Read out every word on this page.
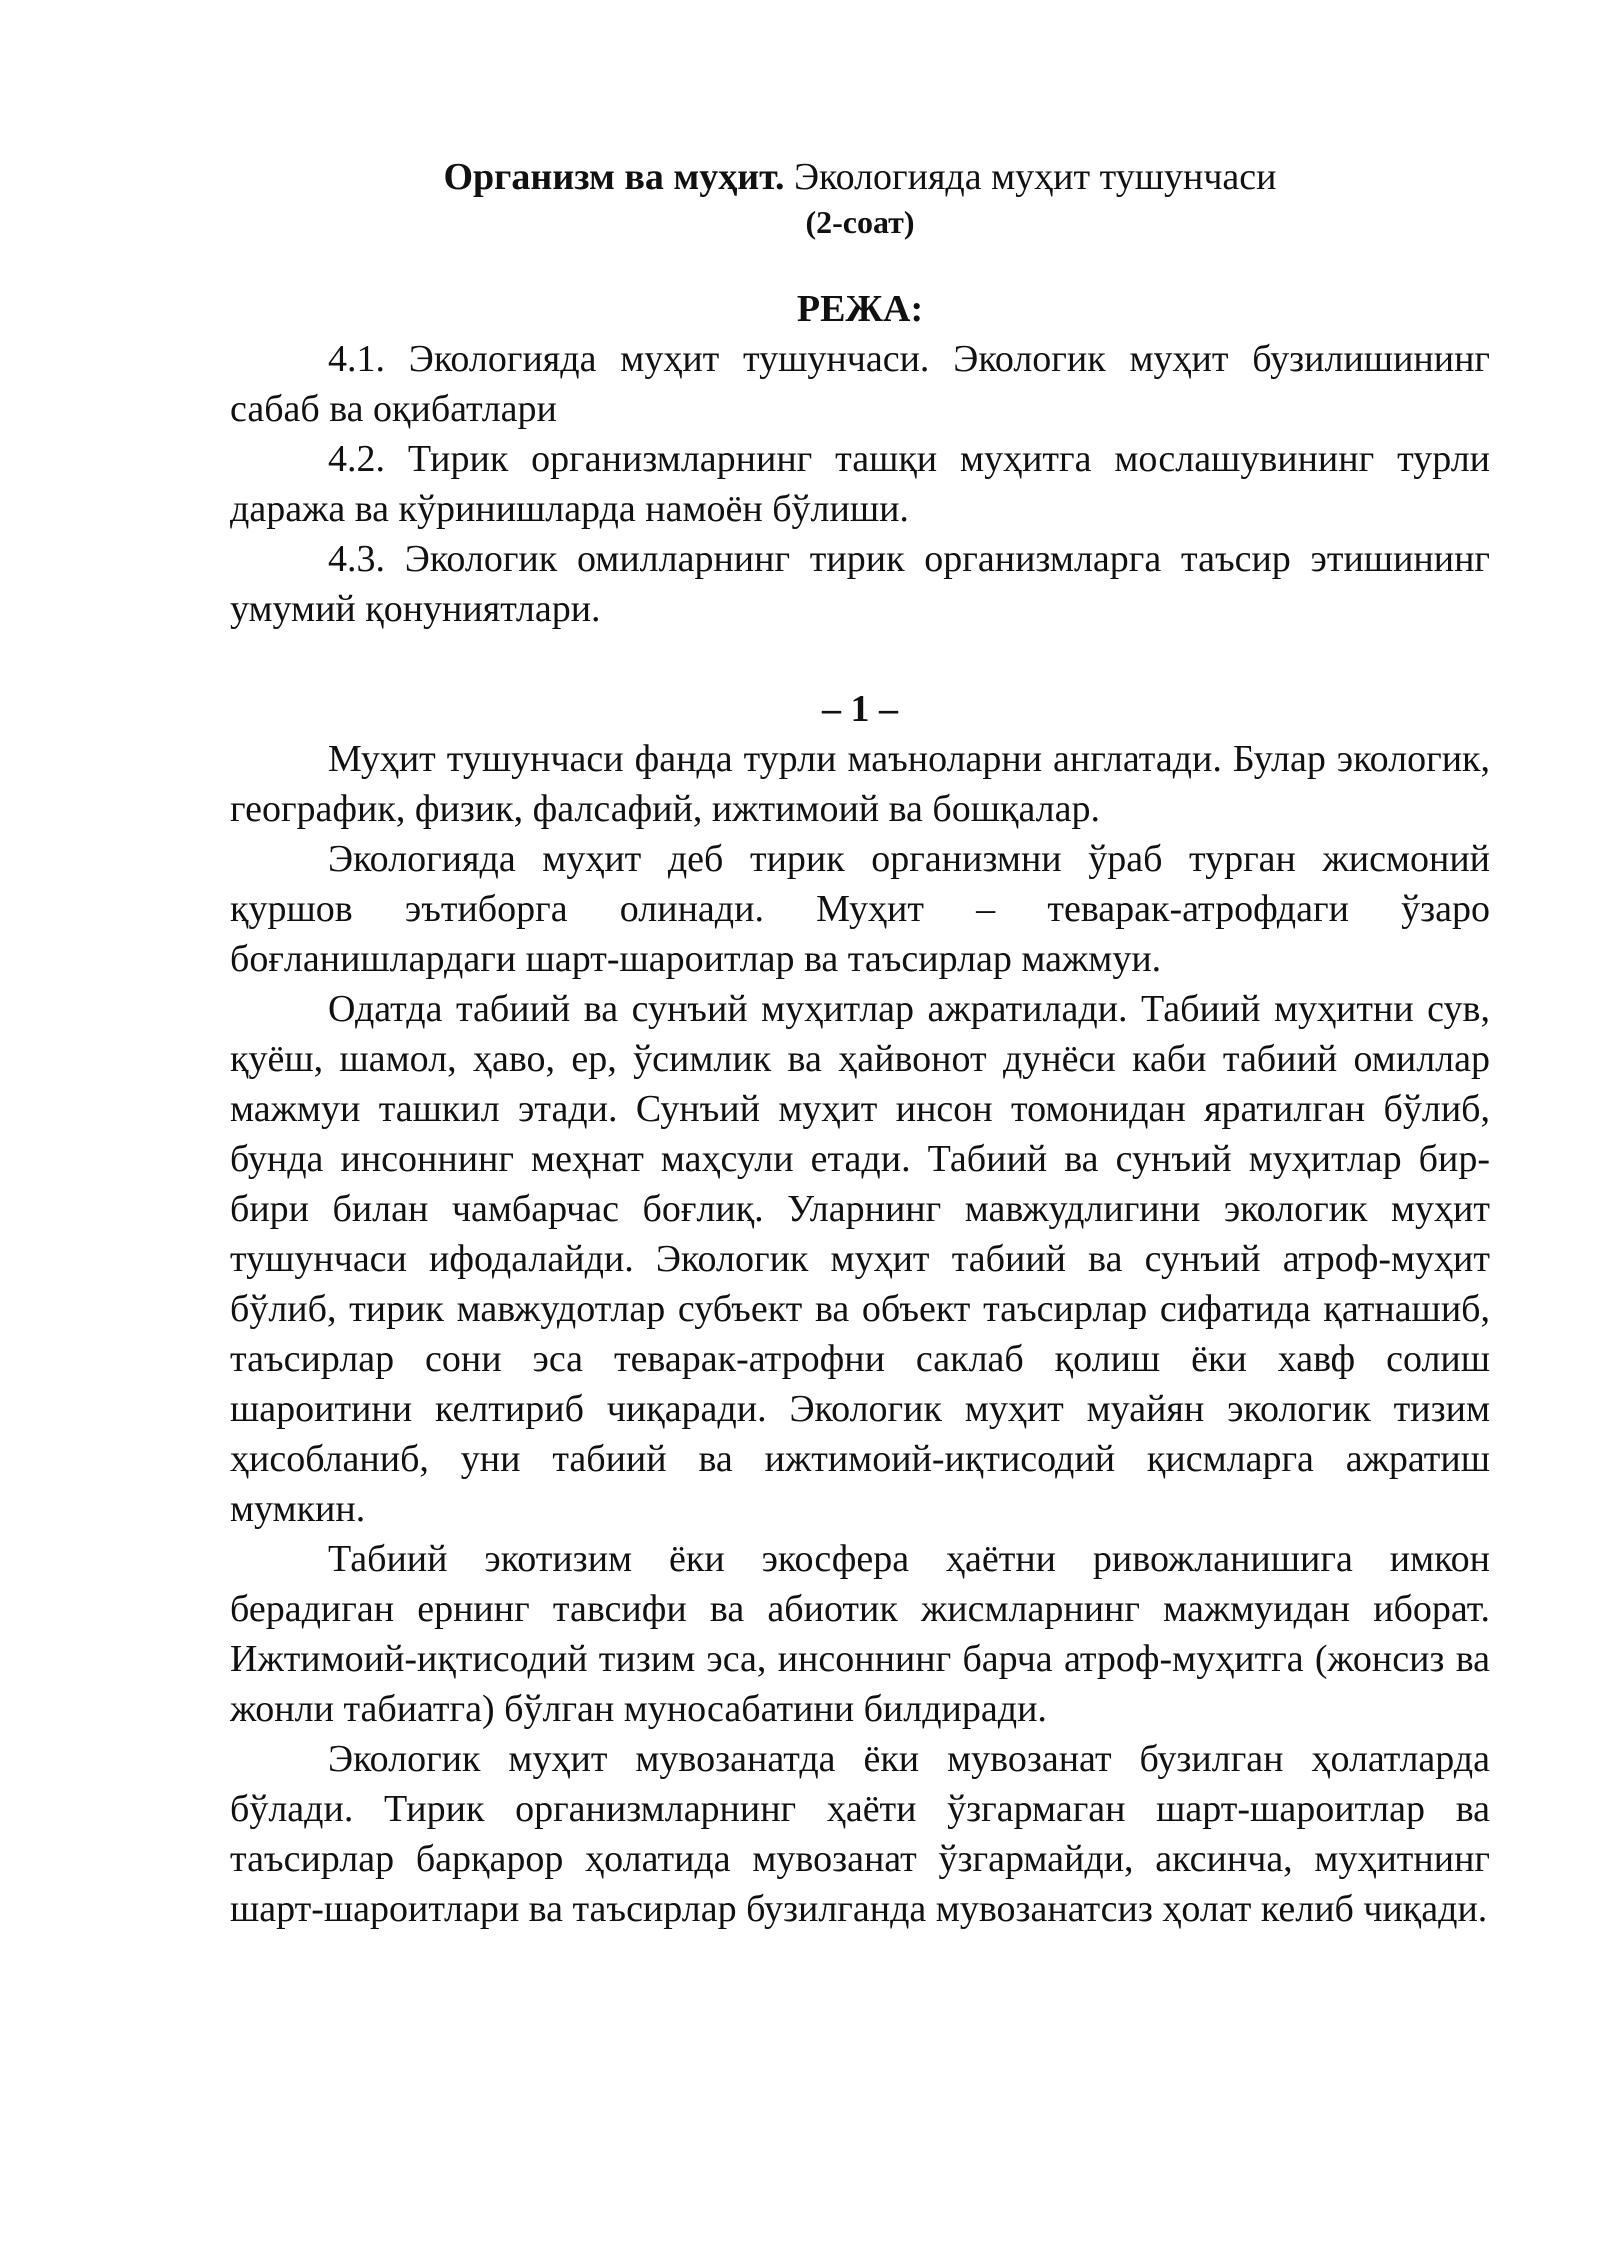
Организм ва муҳит. Экологияда муҳит тушунчаси
(2-соат)
РЕЖА:

4.1. Экологияда муҳит тушунчаси. Экологик муҳит бузилишининг сабаб ва оқибатлари

4.2. Тирик организмларнинг ташқи муҳитга мослашувининг турли даража ва кўринишларда намоён бўлиши.

4.3. Экологик омилларнинг тирик организмларга таъсир этишининг умумий қонуниятлари.

– 1 –

Муҳит тушунчаси фанда турли маъноларни англатади. Булар экологик, географик, физик, фалсафий, ижтимоий ва бошқалар.

Экологияда муҳит деб тирик организмни ўраб турган жисмоний қуршов эътиборга олинади. Муҳит – теварак-атрофдаги ўзаро боғланишлардаги шарт-шароитлар ва таъсирлар мажмуи.

Одатда табиий ва сунъий муҳитлар ажратилади. Табиий муҳитни сув, қуёш, шамол, ҳаво, ер, ўсимлик ва ҳайвонот дунёси каби табиий омиллар мажмуи ташкил этади. Сунъий муҳит инсон томонидан яратилган бўлиб, бунда инсоннинг меҳнат маҳсули етади. Табиий ва сунъий муҳитлар бир-бири билан чамбарчас боғлиқ. Уларнинг мавжудлигини экологик муҳит тушунчаси ифодалайди. Экологик муҳит табиий ва сунъий атроф-муҳит бўлиб, тирик мавжудотлар субъект ва объект таъсирлар сифатида қатнашиб, таъсирлар сони эса теварак-атрофни саклаб қолиш ёки хавф солиш шароитини келтириб чиқаради. Экологик муҳит муайян экологик тизим ҳисобланиб, уни табиий ва ижтимоий-иқтисодий қисмларга ажратиш мумкин.

Табиий экотизим ёки экосфера ҳаётни ривожланишига имкон берадиган ернинг тавсифи ва абиотик жисмларнинг мажмуидан иборат. Ижтимоий-иқтисодий тизим эса, инсоннинг барча атроф-муҳитга (жонсиз ва жонли табиатга) бўлган муносабатини билдиради.

Экологик муҳит мувозанатда ёки мувозанат бузилган ҳолатларда бўлади. Тирик организмларнинг ҳаёти ўзгармаган шарт-шароитлар ва таъсирлар барқарор ҳолатида мувозанат ўзгармайди, аксинча, муҳитнинг шарт-шароитлари ва таъсирлар бузилганда мувозанатсиз ҳолат келиб чиқади.
